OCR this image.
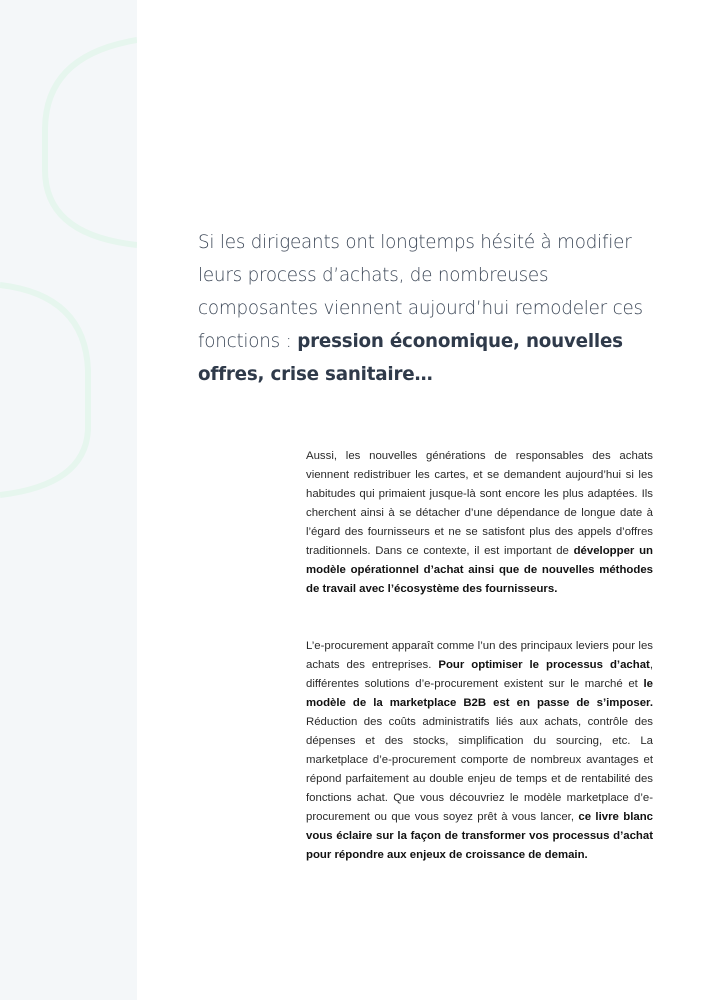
Si les dirigeants ont longtemps hésité à modifier leurs process d’achats, de nombreuses composantes viennent aujourd’hui remodeler ces fonctions : pression économique, nouvelles offres, crise sanitaire…
Aussi, les nouvelles générations de responsables des achats viennent redistribuer les cartes, et se demandent aujourd’hui si les habitudes qui primaient jusque-là sont encore les plus adaptées. Ils cherchent ainsi à se détacher d’une dépendance de longue date à l’égard des fournisseurs et ne se satisfont plus des appels d’offres traditionnels. Dans ce contexte, il est important de développer un modèle opérationnel d’achat ainsi que de nouvelles méthodes de travail avec l’écosystème des fournisseurs.
L’e-procurement apparaît comme l’un des principaux leviers pour les achats des entreprises. Pour optimiser le processus d’achat, différentes solutions d’e-procurement existent sur le marché et le modèle de la marketplace B2B est en passe de s’imposer. Réduction des coûts administratifs liés aux achats, contrôle des dépenses et des stocks, simplification du sourcing, etc. La marketplace d’e-procurement comporte de nombreux avantages et répond parfaitement au double enjeu de temps et de rentabilité des fonctions achat. Que vous découvriez le modèle marketplace d’e-procurement ou que vous soyez prêt à vous lancer, ce livre blanc vous éclaire sur la façon de transformer vos processus d’achat pour répondre aux enjeux de croissance de demain.
